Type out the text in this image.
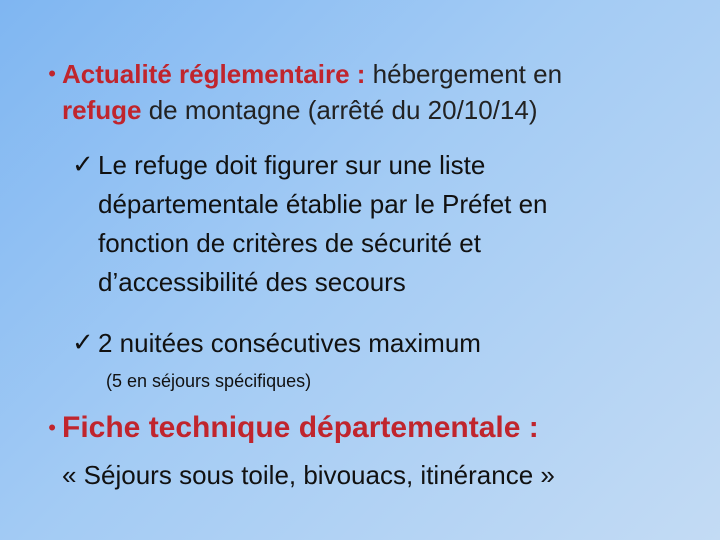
• Actualité réglementaire : hébergement en
refuge de montagne (arrêté du 20/10/14)
✓ Le refuge doit figurer sur une liste
départementale établie par le Préfet en
fonction de critères de sécurité et
d’accessibilité des secours
✓ 2 nuitées consécutives maximum
(5 en séjours spécifiques)
• Fiche technique départementale :
« Séjours sous toile, bivouacs, itinérance »
